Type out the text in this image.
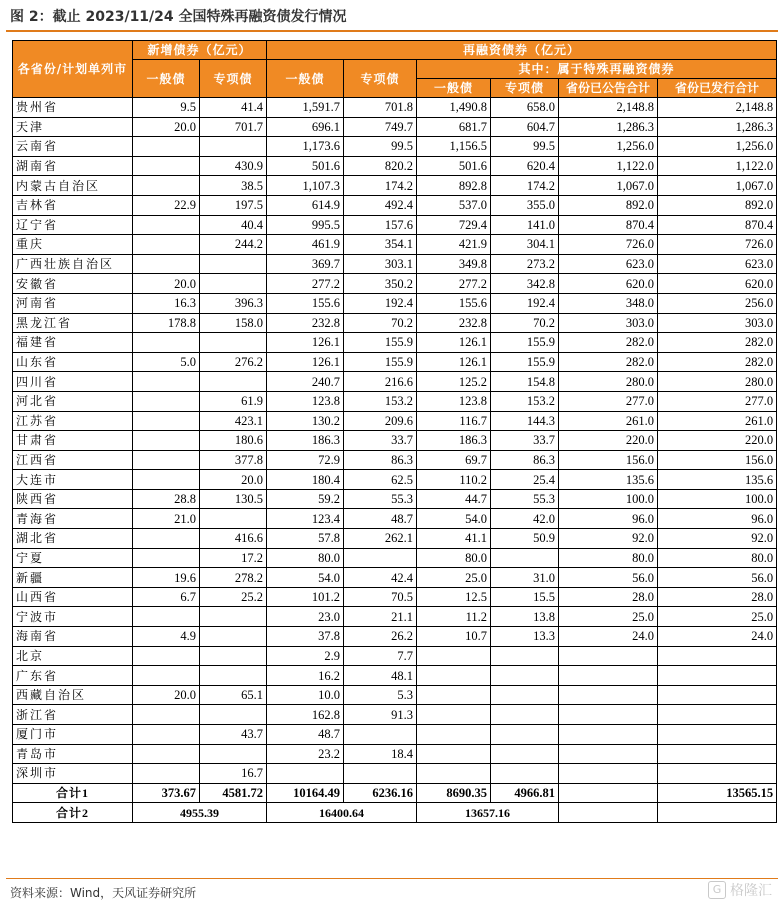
图 2：截止 2023/11/24 全国特殊再融资债发行情况
各省份/计划单列市	新增债券（亿元）		再融资债券（亿元）					
	一般债	专项债	一般债	专项债	其中：属于特殊再融资债券			
					一般债	专项债	省份已公告合计	省份已发行合计
贵州省	9.5	41.4	1,591.7	701.8	1,490.8	658.0	2,148.8	2,148.8
天津	20.0	701.7	696.1	749.7	681.7	604.7	1,286.3	1,286.3
云南省			1,173.6	99.5	1,156.5	99.5	1,256.0	1,256.0
湖南省		430.9	501.6	820.2	501.6	620.4	1,122.0	1,122.0
内蒙古自治区		38.5	1,107.3	174.2	892.8	174.2	1,067.0	1,067.0
吉林省	22.9	197.5	614.9	492.4	537.0	355.0	892.0	892.0
辽宁省		40.4	995.5	157.6	729.4	141.0	870.4	870.4
重庆		244.2	461.9	354.1	421.9	304.1	726.0	726.0
广西壮族自治区			369.7	303.1	349.8	273.2	623.0	623.0
安徽省	20.0		277.2	350.2	277.2	342.8	620.0	620.0
河南省	16.3	396.3	155.6	192.4	155.6	192.4	348.0	256.0
黑龙江省	178.8	158.0	232.8	70.2	232.8	70.2	303.0	303.0
福建省			126.1	155.9	126.1	155.9	282.0	282.0
山东省	5.0	276.2	126.1	155.9	126.1	155.9	282.0	282.0
四川省			240.7	216.6	125.2	154.8	280.0	280.0
河北省		61.9	123.8	153.2	123.8	153.2	277.0	277.0
江苏省		423.1	130.2	209.6	116.7	144.3	261.0	261.0
甘肃省		180.6	186.3	33.7	186.3	33.7	220.0	220.0
江西省		377.8	72.9	86.3	69.7	86.3	156.0	156.0
大连市		20.0	180.4	62.5	110.2	25.4	135.6	135.6
陕西省	28.8	130.5	59.2	55.3	44.7	55.3	100.0	100.0
青海省	21.0		123.4	48.7	54.0	42.0	96.0	96.0
湖北省		416.6	57.8	262.1	41.1	50.9	92.0	92.0
宁夏		17.2	80.0		80.0		80.0	80.0
新疆	19.6	278.2	54.0	42.4	25.0	31.0	56.0	56.0
山西省	6.7	25.2	101.2	70.5	12.5	15.5	28.0	28.0
宁波市			23.0	21.1	11.2	13.8	25.0	25.0
海南省	4.9		37.8	26.2	10.7	13.3	24.0	24.0
北京			2.9	7.7				
广东省			16.2	48.1				
西藏自治区	20.0	65.1	10.0	5.3				
浙江省			162.8	91.3				
厦门市		43.7	48.7					
青岛市			23.2	18.4				
深圳市		16.7						
合计1	373.67	4581.72	10164.49	6236.16	8690.35	4966.81		13565.15
合计2	4955.39		16400.64		13657.16			
资料来源：Wind，天风证券研究所	G 格隆汇
